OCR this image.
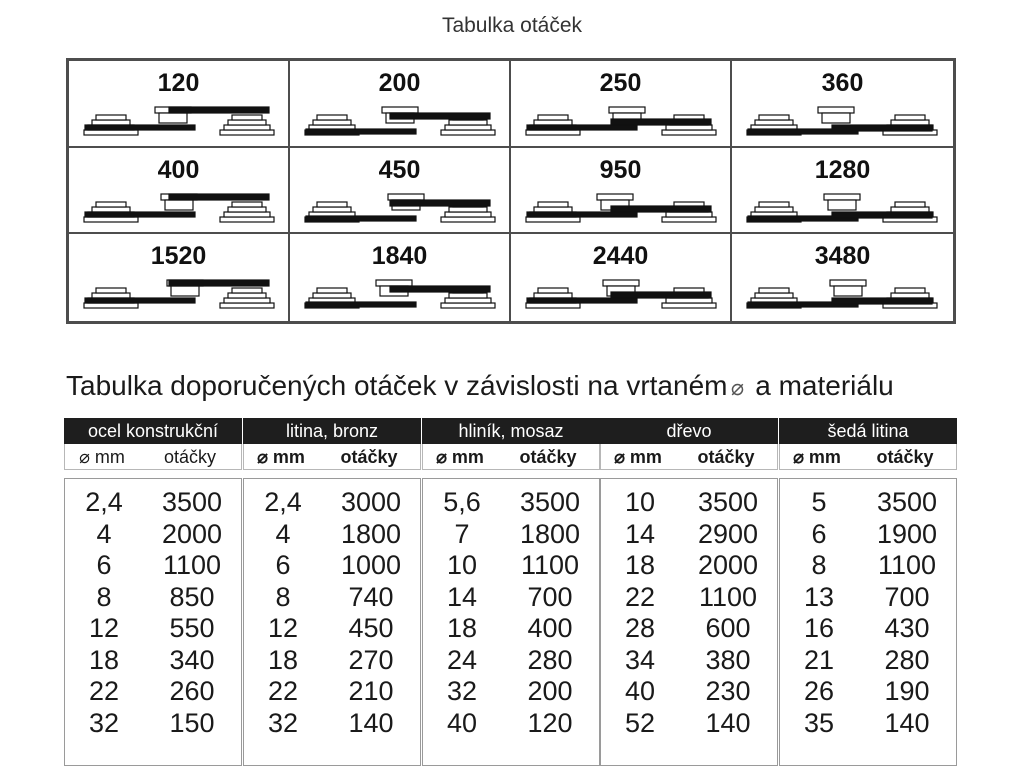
Tabulka otáček
120	200	250	360
400	450	950	1280
1520	1840	2440	3480
Tabulka doporučených otáček v závislosti na vrtaném ⌀ a materiálu
ocel konstrukční
⌀ mm	otáčky
2,4	3500
4	2000
6	1100
8	850
12	550
18	340
22	260
32	150
litina, bronz
⌀ mm	otáčky
2,4	3000
4	1800
6	1000
8	740
12	450
18	270
22	210
32	140
hliník, mosaz
⌀ mm	otáčky
5,6	3500
7	1800
10	1100
14	700
18	400
24	280
32	200
40	120
dřevo
⌀ mm	otáčky
10	3500
14	2900
18	2000
22	1100
28	600
34	380
40	230
52	140
šedá litina
⌀ mm	otáčky
5	3500
6	1900
8	1100
13	700
16	430
21	280
26	190
35	140
